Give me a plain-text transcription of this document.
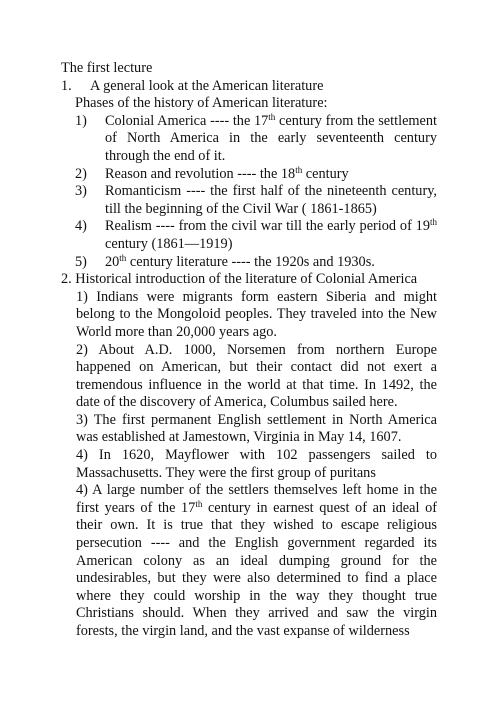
The first lecture

1.	A general look at the American literature

Phases of the history of American literature:

1)	Colonial America ---- the 17th century from the settlement of North America in the early seventeenth century through the end of it.
2)	Reason and revolution ---- the 18th century
3)	Romanticism ---- the first half of the nineteenth century, till the beginning of the Civil War ( 1861-1865)
4)	Realism ---- from the civil war till the early period of 19th century (1861—1919)
5)	20th century literature ---- the 1920s and 1930s.

2. Historical introduction of the literature of Colonial America

1) Indians were migrants form eastern Siberia and might belong to the Mongoloid peoples. They traveled into the New World more than 20,000 years ago.

2) About A.D. 1000, Norsemen from northern Europe happened on American, but their contact did not exert a tremendous influence in the world at that time. In 1492, the date of the discovery of America, Columbus sailed here.

3) The first permanent English settlement in North America was established at Jamestown, Virginia in May 14, 1607.

4) In 1620, Mayflower with 102 passengers sailed to Massachusetts. They were the first group of puritans

4) A large number of the settlers themselves left home in the first years of the 17th century in earnest quest of an ideal of their own. It is true that they wished to escape religious persecution ---- and the English government regarded its American colony as an ideal dumping ground for the undesirables, but they were also determined to find a place where they could worship in the way they thought true Christians should. When they arrived and saw the virgin forests, the virgin land, and the vast expanse of wilderness
